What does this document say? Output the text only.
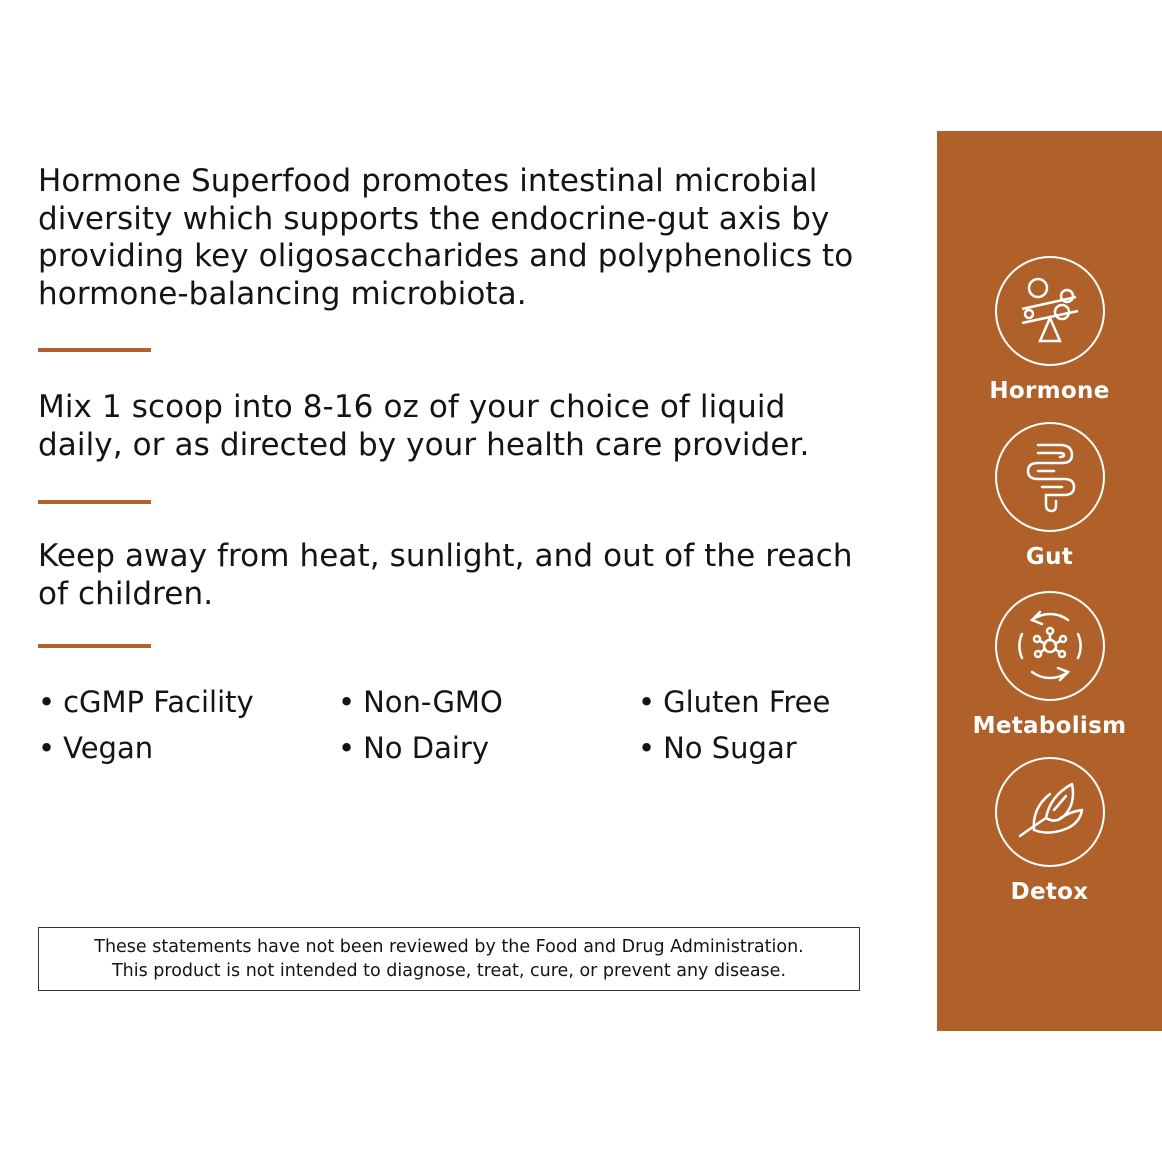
Hormone Superfood promotes intestinal microbial diversity which supports the endocrine-gut axis by providing key oligosaccharides and polyphenolics to hormone-balancing microbiota.

Mix 1 scoop into 8-16 oz of your choice of liquid daily, or as directed by your health care provider.

Keep away from heat, sunlight, and out of the reach of children.

• cGMP Facility	• Non-GMO	• Gluten Free
• Vegan	• No Dairy	• No Sugar
These statements have not been reviewed by the Food and Drug Administration.
This product is not intended to diagnose, treat, cure, or prevent any disease.
Hormone
Gut
Metabolism
Detox
